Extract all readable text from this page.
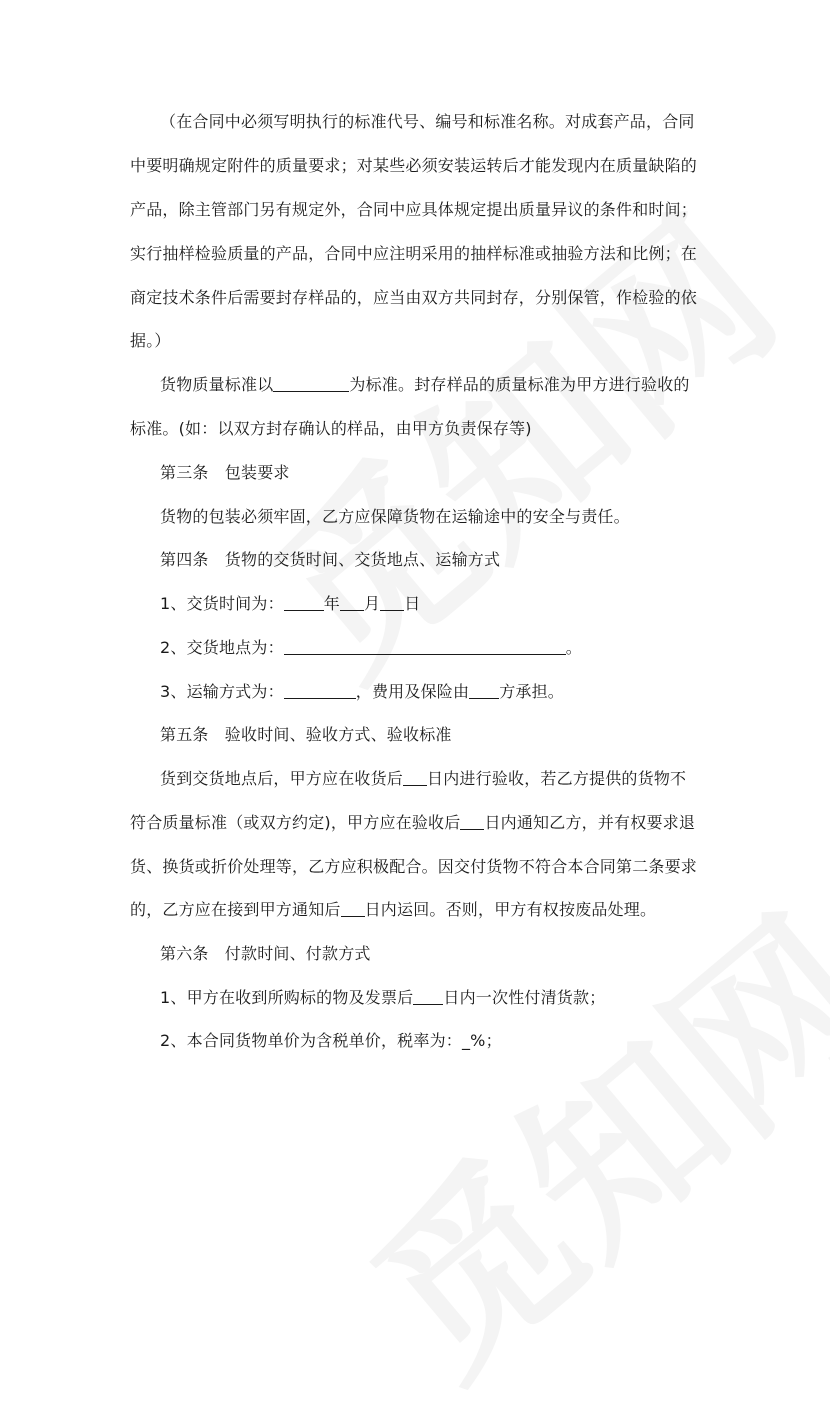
（在合同中必须写明执行的标准代号、编号和标准名称。对成套产品，合同
中要明确规定附件的质量要求；对某些必须安装运转后才能发现内在质量缺陷的
产品，除主管部门另有规定外，合同中应具体规定提出质量异议的条件和时间；
实行抽样检验质量的产品，合同中应注明采用的抽样标准或抽验方法和比例；在
商定技术条件后需要封存样品的，应当由双方共同封存，分别保管，作检验的依
据。）
货物质量标准以	为标准。封存样品的质量标准为甲方进行验收的
标准。(如：以双方封存确认的样品，由甲方负责保存等)
第三条　包装要求
货物的包装必须牢固，乙方应保障货物在运输途中的安全与责任。
第四条　货物的交货时间、交货地点、运输方式
1、交货时间为：	年 月 日
2、交货地点为：	。
3、运输方式为：	，费用及保险由 方承担。
第五条　验收时间、验收方式、验收标准
货到交货地点后，甲方应在收货后 日内进行验收，若乙方提供的货物不
符合质量标准（或双方约定)，甲方应在验收后 日内通知乙方，并有权要求退
货、换货或折价处理等，乙方应积极配合。因交付货物不符合本合同第二条要求
的，乙方应在接到甲方通知后 日内运回。否则，甲方有权按废品处理。
第六条　付款时间、付款方式
1、甲方在收到所购标的物及发票后 日内一次性付清货款；
2、本合同货物单价为含税单价，税率为：_%；
